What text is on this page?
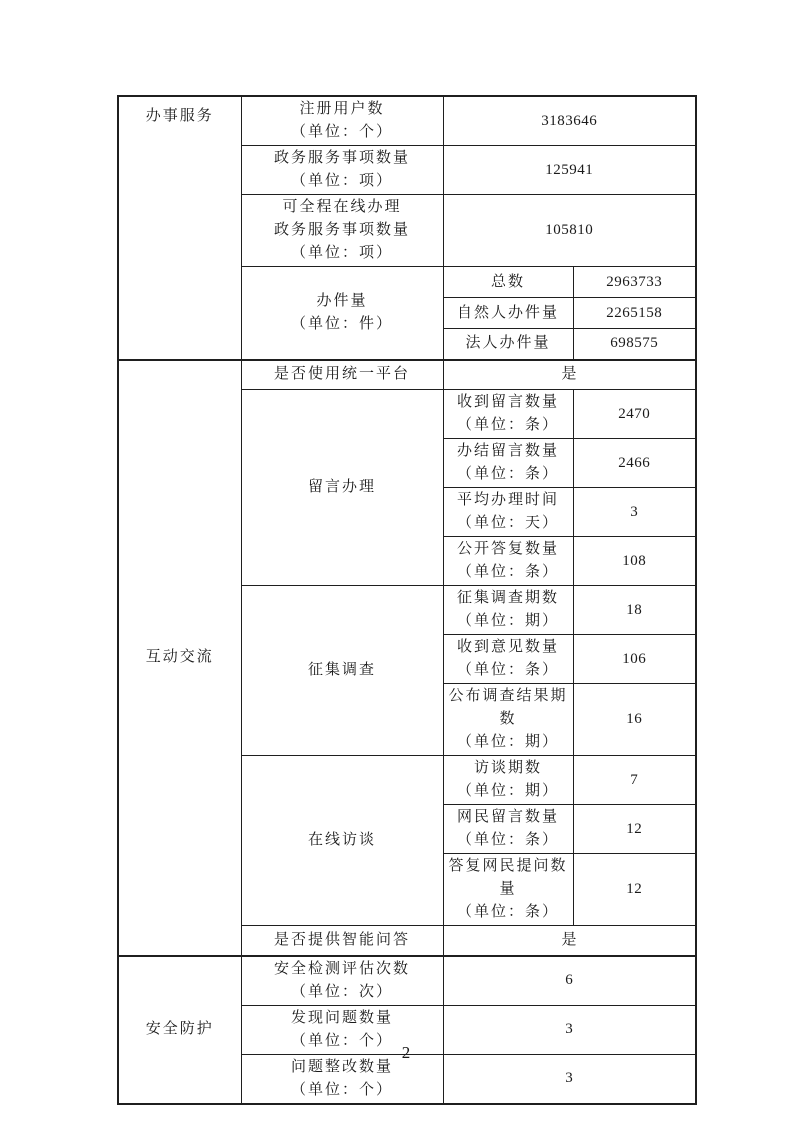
办事服务	注册用户数
（单位：个）	3183646	

	政务服务事项数量
（单位：项）	125941	

	可全程在线办理
政务服务事项数量
（单位：项）	105810	

	办件量
（单位：件）	总数	2963733
		自然人办件量	2265158
		法人办件量	698575
互动交流	是否使用统一平台	是	
	留言办理	收到留言数量
（单位：条）	2470

		办结留言数量
（单位：条）	2466

		平均办理时间
（单位：天）	3

		公开答复数量
（单位：条）	108
	征集调查	征集调查期数
（单位：期）	18

		收到意见数量
（单位：条）	106

		公布调查结果期数
（单位：期）	16
	在线访谈	访谈期数
（单位：期）	7

		网民留言数量
（单位：条）	12

		答复网民提问数量
（单位：条）	12
	是否提供智能问答	是	
安全防护	安全检测评估次数
（单位：次）	6	

	发现问题数量
（单位：个）	3	

	问题整改数量
（单位：个）	3	
2
